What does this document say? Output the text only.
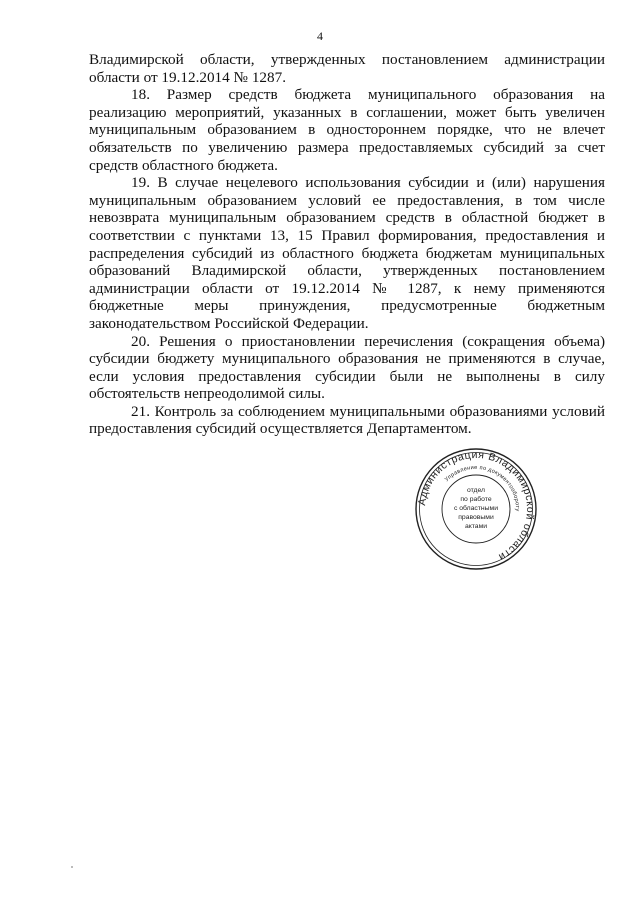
4

Владимирской области, утвержденных постановлением администрации области от 19.12.2014 № 1287.

18. Размер средств бюджета муниципального образования на реализацию мероприятий, указанных в соглашении, может быть увеличен муниципальным образованием в одностороннем порядке, что не влечет обязательств по увеличению размера предоставляемых субсидий за счет средств областного бюджета.

19. В случае нецелевого использования субсидии и (или) нарушения муниципальным образованием условий ее предоставления, в том числе невозврата муниципальным образованием средств в областной бюджет в соответствии с пунктами 13, 15 Правил формирования, предоставления и распределения субсидий из областного бюджета бюджетам муниципальных образований Владимирской области, утвержденных постановлением администрации области от 19.12.2014 № 1287, к нему применяются бюджетные меры принуждения, предусмотренные бюджетным законодательством Российской Федерации.

20. Решения о приостановлении перечисления (сокращения объема) субсидии бюджету муниципального образования не применяются в случае, если условия предоставления субсидии были не выполнены в силу обстоятельств непреодолимой силы.

21. Контроль за соблюдением муниципальными образованиями условий предоставления субсидий осуществляется Департаментом.

Администрация Владимирской области
Управление по документообороту
отдел
по работе
с областными
правовыми
актами
